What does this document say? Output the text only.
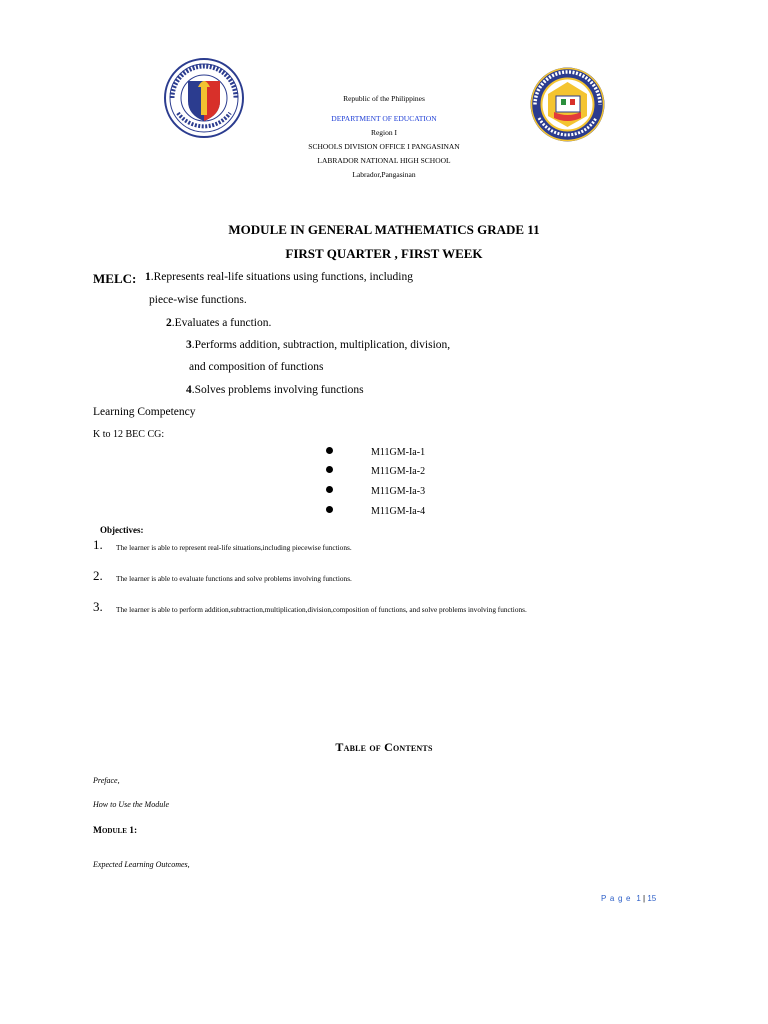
Republic of the Philippines
DEPARTMENT OF EDUCATION
Region I
SCHOOLS DIVISION OFFICE I PANGASINAN
LABRADOR NATIONAL HIGH SCHOOL
Labrador,Pangasinan
MODULE IN GENERAL MATHEMATICS GRADE 11
FIRST QUARTER , FIRST WEEK
MELC: 1.Represents real-life situations using functions, including
piece-wise functions.
2.Evaluates a function.
3.Performs addition, subtraction, multiplication, division,
and composition of functions
4.Solves problems involving functions
Learning Competency
K to 12 BEC CG:
M11GM-Ia-1
M11GM-Ia-2
M11GM-Ia-3
M11GM-Ia-4
Objectives:
1. The learner is able to represent real-life situations,including piecewise functions.
2. The learner is able to evaluate functions and solve problems involving functions.
3. The learner is able to perform addition,subtraction,multiplication,division,composition of functions, and solve problems involving functions.
Table of Contents
Preface,
How to Use the Module
Module 1:
Expected Learning Outcomes,
Page 1 | 15
